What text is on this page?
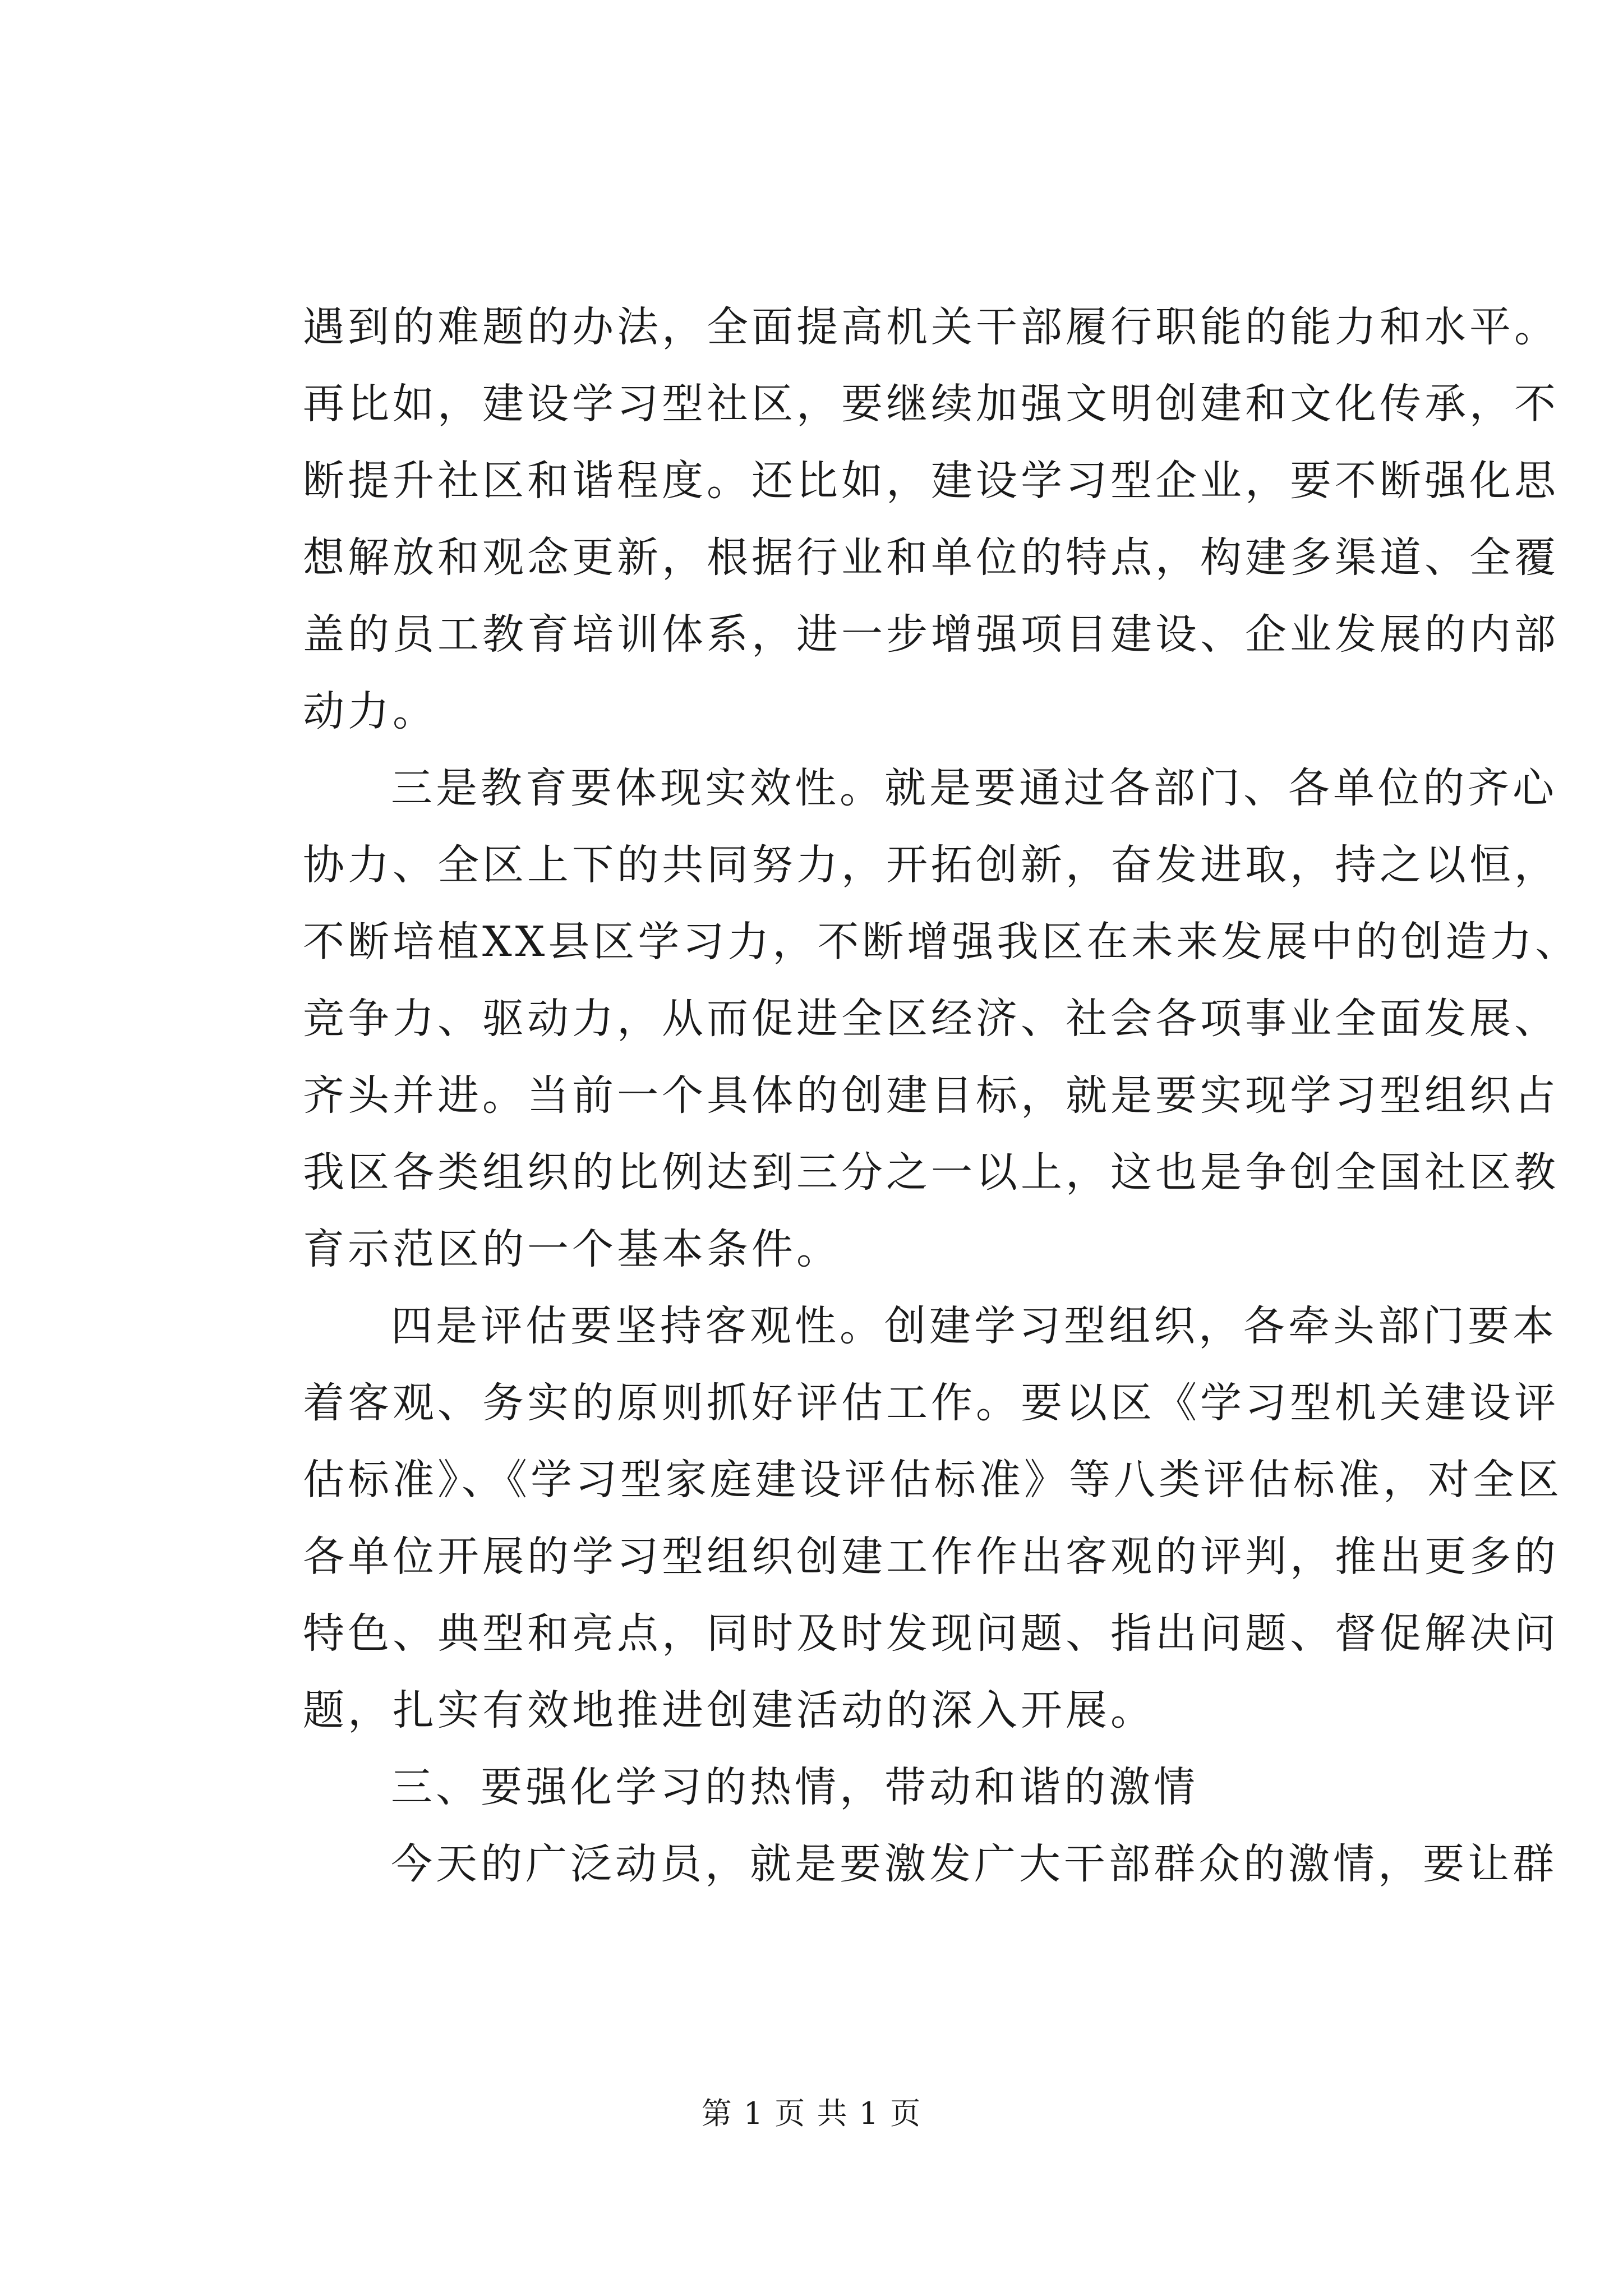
遇到的难题的办法，全面提高机关干部履行职能的能力和水平。
再比如，建设学习型社区，要继续加强文明创建和文化传承，不
断提升社区和谐程度。还比如，建设学习型企业，要不断强化思
想解放和观念更新，根据行业和单位的特点，构建多渠道、全覆
盖的员工教育培训体系，进一步增强项目建设、企业发展的内部
动力。
三是教育要体现实效性。就是要通过各部门、各单位的齐心
协力、全区上下的共同努力，开拓创新，奋发进取，持之以恒，
不断培植XX县区学习力，不断增强我区在未来发展中的创造力、
竞争力、驱动力，从而促进全区经济、社会各项事业全面发展、
齐头并进。当前一个具体的创建目标，就是要实现学习型组织占
我区各类组织的比例达到三分之一以上，这也是争创全国社区教
育示范区的一个基本条件。
四是评估要坚持客观性。创建学习型组织，各牵头部门要本
着客观、务实的原则抓好评估工作。要以区《学习型机关建设评
估标准》、《学习型家庭建设评估标准》等八类评估标准，对全区
各单位开展的学习型组织创建工作作出客观的评判，推出更多的
特色、典型和亮点，同时及时发现问题、指出问题、督促解决问
题，扎实有效地推进创建活动的深入开展。
三、要强化学习的热情，带动和谐的激情
今天的广泛动员，就是要激发广大干部群众的激情，要让群
第 1 页 共 1 页
